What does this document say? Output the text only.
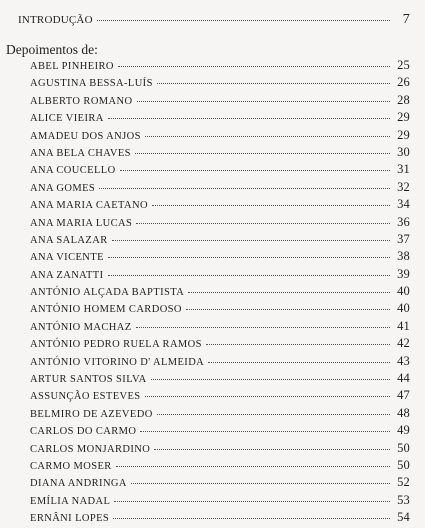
INTRODUÇÃO	7
Depoimentos de:
ABEL PINHEIRO	25
AGUSTINA BESSA-LUÍS	26
ALBERTO ROMANO	28
ALICE VIEIRA	29
AMADEU DOS ANJOS	29
ANA BELA CHAVES	30
ANA COUCELLO	31
ANA GOMES	32
ANA MARIA CAETANO	34
ANA MARIA LUCAS	36
ANA SALAZAR	37
ANA VICENTE	38
ANA ZANATTI	39
ANTÓNIO ALÇADA BAPTISTA	40
ANTÓNIO HOMEM CARDOSO	40
ANTÓNIO MACHAZ	41
ANTÓNIO PEDRO RUELA RAMOS	42
ANTÓNIO VITORINO D' ALMEIDA	43
ARTUR SANTOS SILVA	44
ASSUNÇÃO ESTEVES	47
BELMIRO DE AZEVEDO	48
CARLOS DO CARMO	49
CARLOS MONJARDINO	50
CARMO MOSER	50
DIANA ANDRINGA	52
EMÍLIA NADAL	53
ERNÂNI LOPES	54
